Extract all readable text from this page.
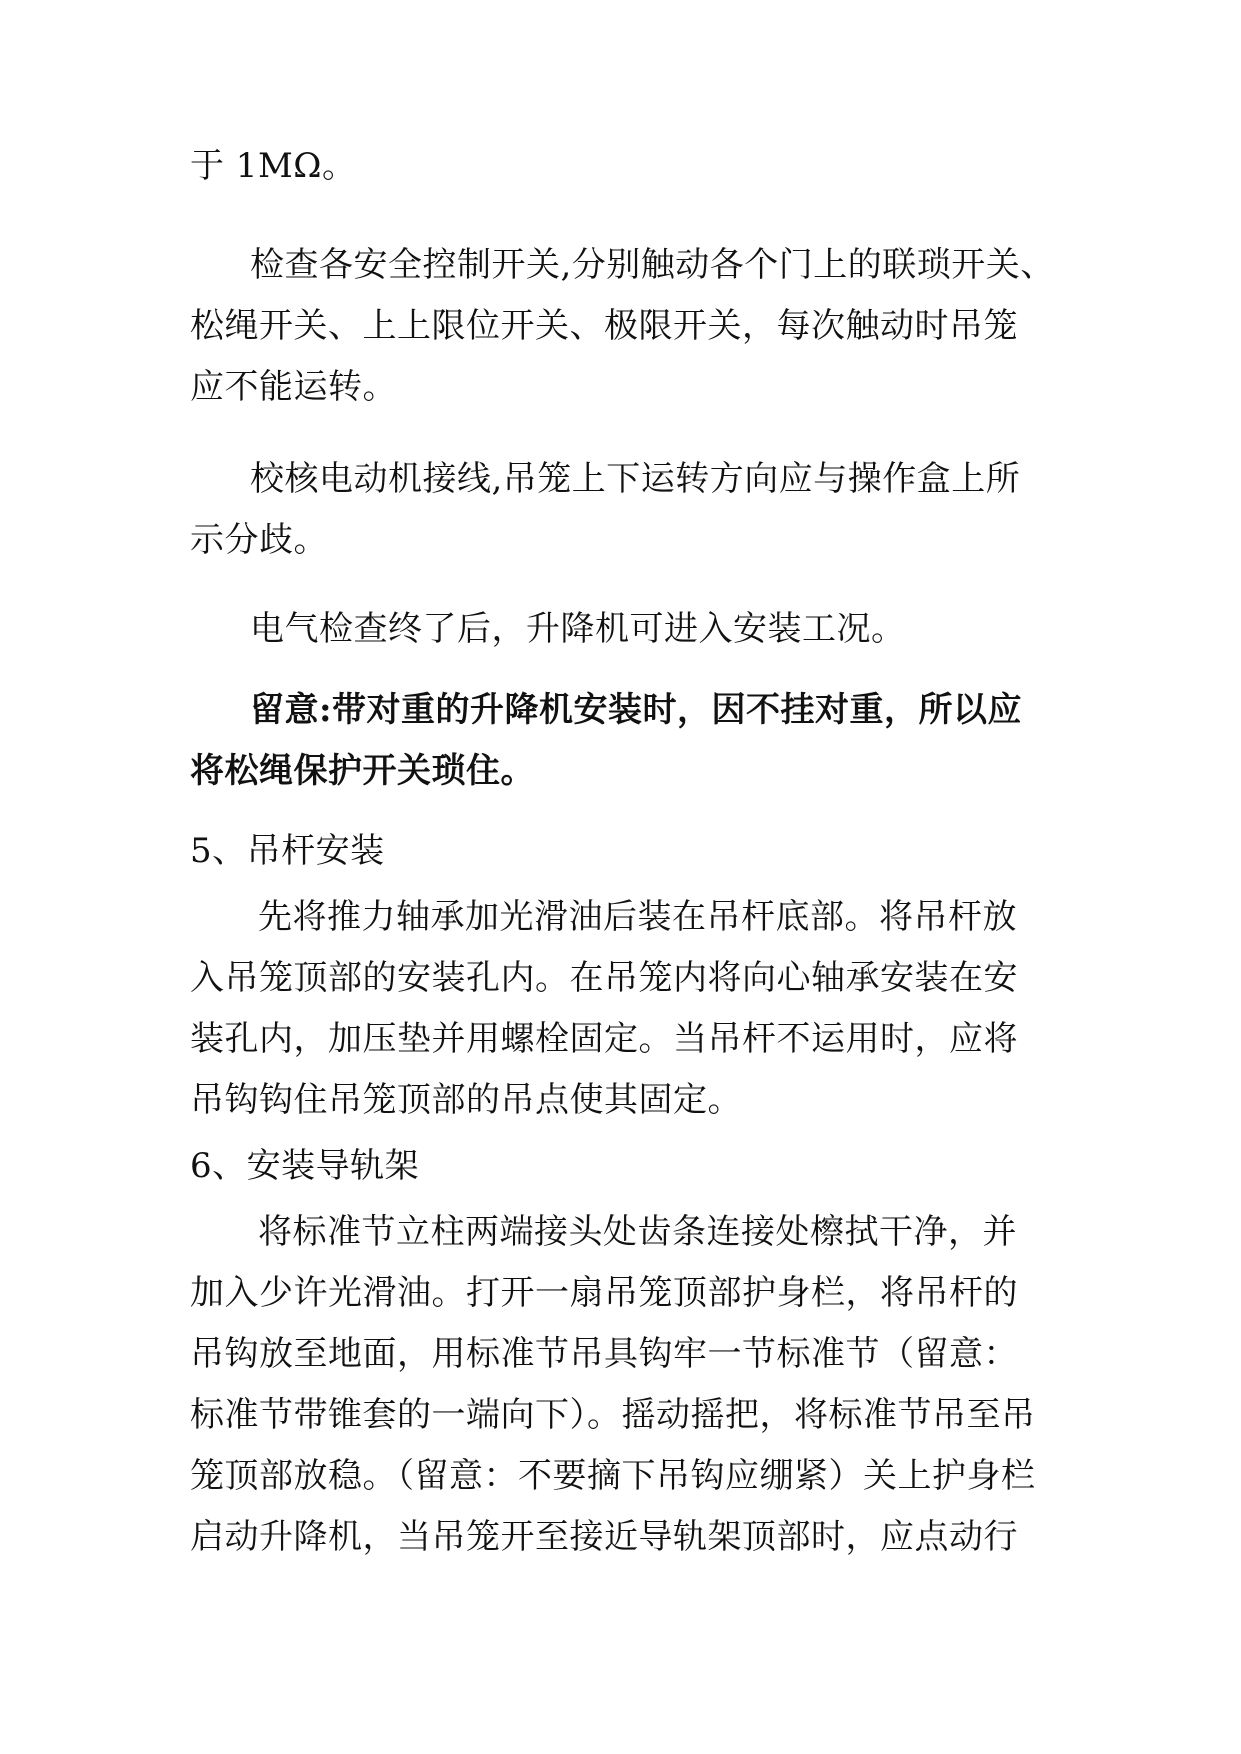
于 1MΩ。
检查各安全控制开关,分别触动各个门上的联琐开关、
松绳开关、上上限位开关、极限开关，每次触动时吊笼
应不能运转。
校核电动机接线,吊笼上下运转方向应与操作盒上所
示分歧。
电气检查终了后，升降机可进入安装工况。
留意:带对重的升降机安装时，因不挂对重，所以应
将松绳保护开关琐住。
5、吊杆安装
先将推力轴承加光滑油后装在吊杆底部。将吊杆放
入吊笼顶部的安装孔内。在吊笼内将向心轴承安装在安
装孔内，加压垫并用螺栓固定。当吊杆不运用时，应将
吊钩钩住吊笼顶部的吊点使其固定。
6、安装导轨架
将标准节立柱两端接头处齿条连接处檫拭干净，并
加入少许光滑油。打开一扇吊笼顶部护身栏，将吊杆的
吊钩放至地面，用标准节吊具钩牢一节标准节（留意：
标准节带锥套的一端向下）。摇动摇把，将标准节吊至吊
笼顶部放稳。（留意：不要摘下吊钩应绷紧）关上护身栏
启动升降机，当吊笼开至接近导轨架顶部时，应点动行
